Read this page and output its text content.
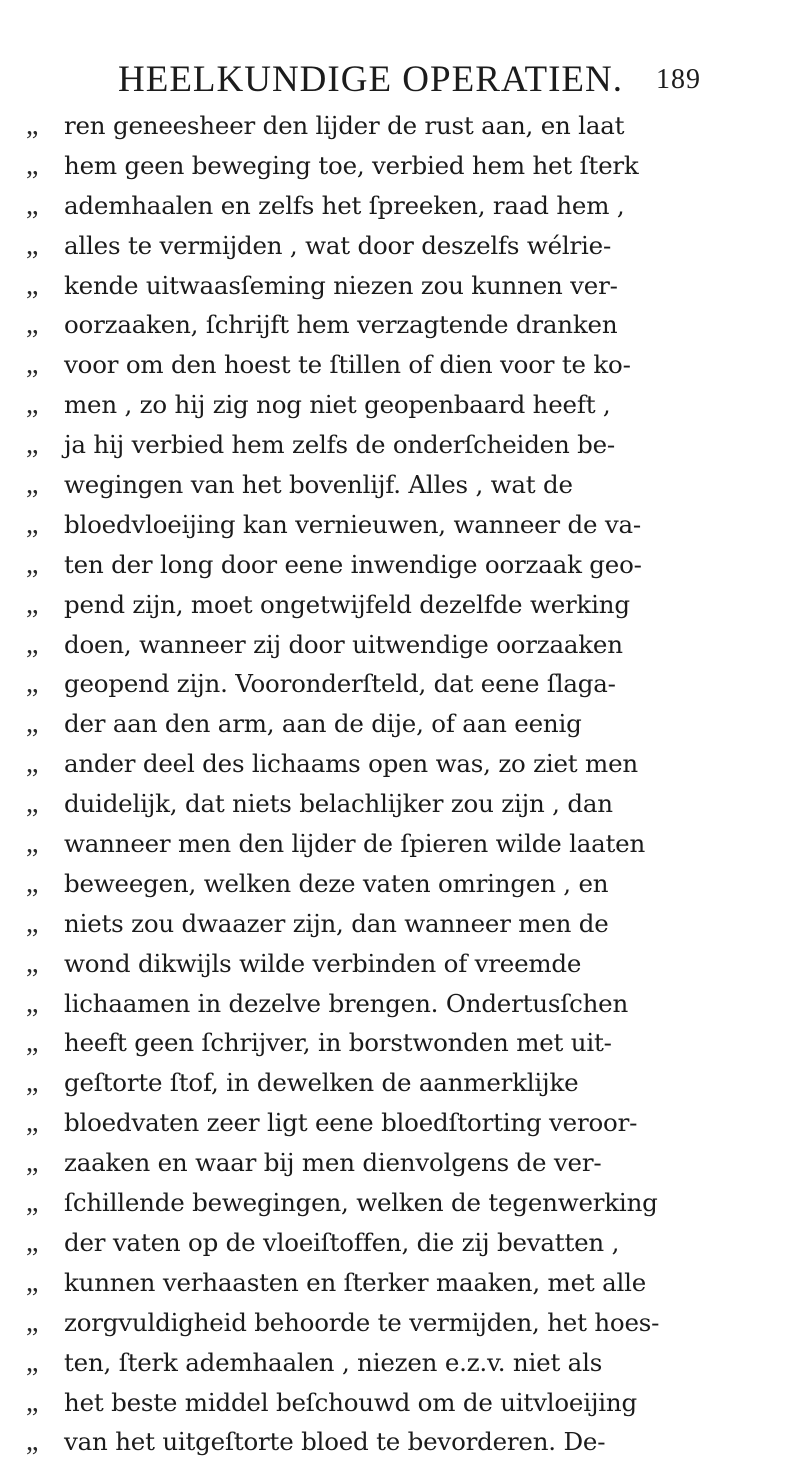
HEELKUNDIGE OPERATIEN. 189
„	ren geneesheer den lijder de rust aan, en laat
„	hem geen beweging toe, verbied hem het ſterk
„	ademhaalen en zelfs het ſpreeken, raad hem ,
„	alles te vermijden , wat door deszelfs wélrie-
„	kende uitwaasſeming niezen zou kunnen ver-
„	oorzaaken, ſchrijft hem verzagtende dranken
„	voor om den hoest te ſtillen of dien voor te ko-
„	men , zo hij zig nog niet geopenbaard heeft ,
„	ja hij verbied hem zelfs de onderſcheiden be-
„	wegingen van het bovenlijf. Alles , wat de
„	bloedvloeijing kan vernieuwen, wanneer de va-
„	ten der long door eene inwendige oorzaak geo-
„	pend zijn, moet ongetwijfeld dezelfde werking
„	doen, wanneer zij door uitwendige oorzaaken
„	geopend zijn. Vooronderſteld, dat eene ſlaga-
„	der aan den arm, aan de dije, of aan eenig
„	ander deel des lichaams open was, zo ziet men
„	duidelijk, dat niets belachlijker zou zijn , dan
„	wanneer men den lijder de ſpieren wilde laaten
„	beweegen, welken deze vaten omringen , en
„	niets zou dwaazer zijn, dan wanneer men de
„	wond dikwijls wilde verbinden of vreemde
„	lichaamen in dezelve brengen. Ondertusſchen
„	heeft geen ſchrijver, in borstwonden met uit-
„	geſtorte ſtof, in dewelken de aanmerklijke
„	bloedvaten zeer ligt eene bloedſtorting veroor-
„	zaaken en waar bij men dienvolgens de ver-
„	ſchillende bewegingen, welken de tegenwerking
„	der vaten op de vloeiſtoffen, die zij bevatten ,
„	kunnen verhaasten en ſterker maaken, met alle
„	zorgvuldigheid behoorde te vermijden, het hoes-
„	ten, ſterk ademhaalen , niezen e.z.v. niet als
„	het beste middel beſchouwd om de uitvloeijing
„	van het uitgeſtorte bloed te bevorderen. De-
